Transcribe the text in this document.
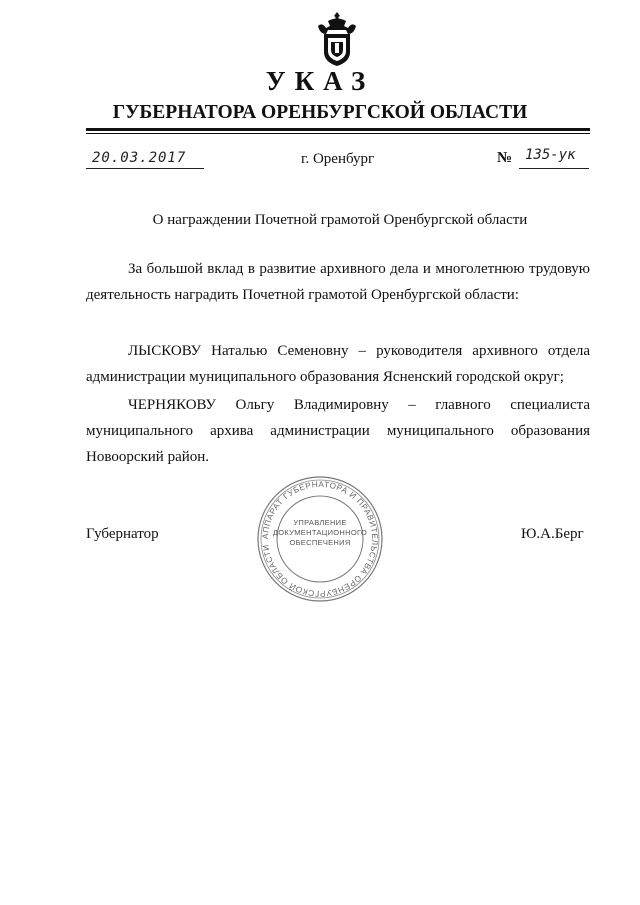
УКАЗ
ГУБЕРНАТОРА ОРЕНБУРГСКОЙ ОБЛАСТИ
20.03.2017	г. Оренбург	№ 135-ук
О награждении Почетной грамотой Оренбургской области

За большой вклад в развитие архивного дела и многолетнюю трудовую деятельность наградить Почетной грамотой Оренбургской области:

ЛЫСКОВУ Наталью Семеновну – руководителя архивного отдела администрации муниципального образования Ясненский городской округ;

ЧЕРНЯКОВУ Ольгу Владимировну – главного специалиста муниципального архива администрации муниципального образования Новоорский район.

Губернатор	Ю.А.Берг
АППАРАТ ГУБЕРНАТОРА И ПРАВИТЕЛЬСТВА ОРЕНБУРГСКОЙ ОБЛАСТИ
УПРАВЛЕНИЕ
ДОКУМЕНТАЦИОННОГО
ОБЕСПЕЧЕНИЯ
